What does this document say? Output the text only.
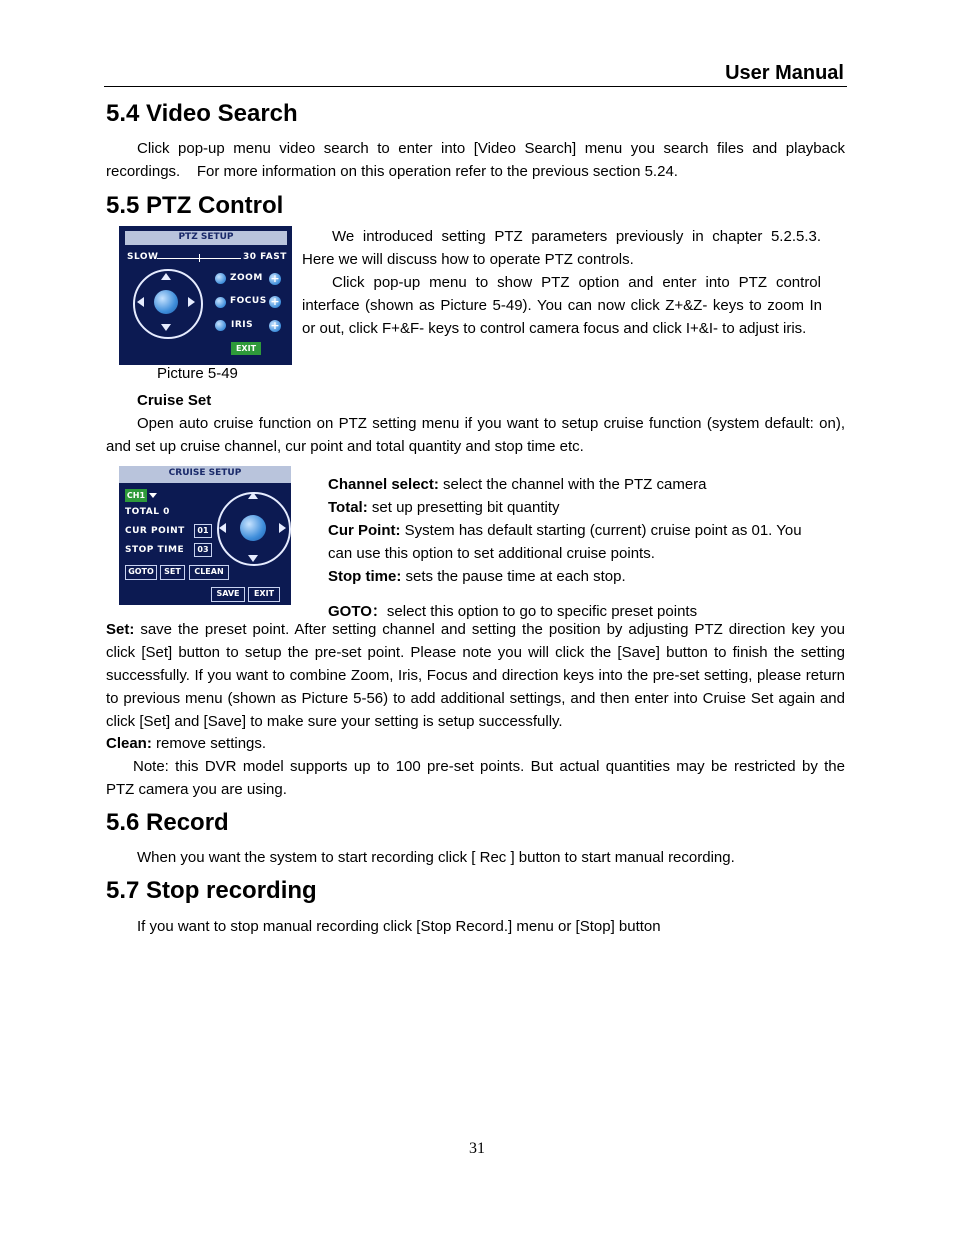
User Manual
5.4 Video Search
Click pop-up menu video search to enter into [Video Search] menu you search files and playback
recordings.    For more information on this operation refer to the previous section 5.24.
5.5 PTZ Control
PTZ SETUP
SLOW	30 FAST
ZOOM +
FOCUS +
IRIS +
EXIT
We introduced setting PTZ parameters previously in chapter 5.2.5.3.
Here we will discuss how to operate PTZ controls.
Click pop-up menu to show PTZ option and enter into PTZ control
interface (shown as Picture 5-49). You can now click Z+&Z- keys to zoom In
or out, click F+&F- keys to control camera focus and click I+&I- to adjust iris.
Picture 5-49
Cruise Set
Open auto cruise function on PTZ setting menu if you want to setup cruise function (system default: on),
and set up cruise channel, cur point and total quantity and stop time etc.
CRUISE SETUP
CH1
TOTAL 0
CUR POINT	01
STOP TIME	03
GOTO	SET	CLEAN
SAVE	EXIT
Channel select: select the channel with the PTZ camera
Total: set up presetting bit quantity
Cur Point: System has default starting (current) cruise point as 01. You
can use this option to set additional cruise points.
Stop time: sets the pause time at each stop.
GOTO：select this option to go to specific preset points
Set: save the preset point. After setting channel and setting the position by adjusting PTZ direction key you click [Set] button to setup the pre-set point. Please note you will click the [Save] button to finish the setting successfully. If you want to combine Zoom, Iris, Focus and direction keys into the pre-set setting, please return to previous menu (shown as Picture 5-56) to add additional settings, and then enter into Cruise Set again and click [Set] and [Save] to make sure your setting is setup successfully.
Clean: remove settings.
Note: this DVR model supports up to 100 pre-set points. But actual quantities may be restricted by the
PTZ camera you are using.
5.6 Record
When you want the system to start recording click [ Rec ] button to start manual recording.
5.7 Stop recording
If you want to stop manual recording click [Stop Record.] menu or [Stop] button
31
